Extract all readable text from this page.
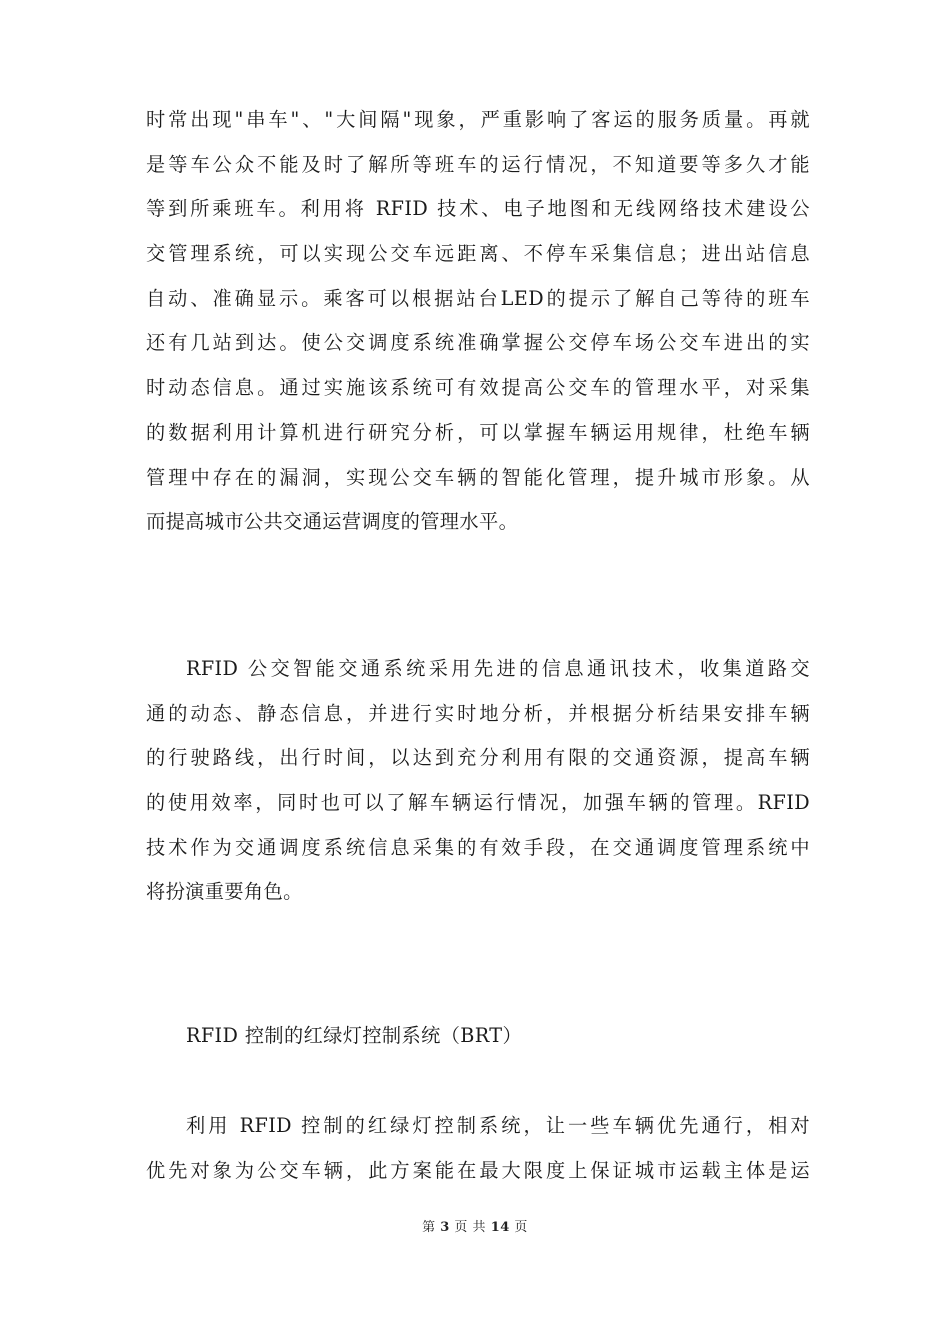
时常出现"串车"、"大间隔"现象，严重影响了客运的服务质量。再就
是等车公众不能及时了解所等班车的运行情况，不知道要等多久才能
等到所乘班车。利用将 RFID 技术、电子地图和无线网络技术建设公
交管理系统，可以实现公交车远距离、不停车采集信息；进出站信息
自动、准确显示。乘客可以根据站台LED的提示了解自己等待的班车
还有几站到达。使公交调度系统准确掌握公交停车场公交车进出的实
时动态信息。通过实施该系统可有效提高公交车的管理水平，对采集
的数据利用计算机进行研究分析，可以掌握车辆运用规律，杜绝车辆
管理中存在的漏洞，实现公交车辆的智能化管理，提升城市形象。从
而提高城市公共交通运营调度的管理水平。
RFID 公交智能交通系统采用先进的信息通讯技术，收集道路交
通的动态、静态信息，并进行实时地分析，并根据分析结果安排车辆
的行驶路线，出行时间，以达到充分利用有限的交通资源，提高车辆
的使用效率，同时也可以了解车辆运行情况，加强车辆的管理。RFID
技术作为交通调度系统信息采集的有效手段，在交通调度管理系统中
将扮演重要角色。

RFID 控制的红绿灯控制系统（BRT）

利用 RFID 控制的红绿灯控制系统，让一些车辆优先通行，相对
优先对象为公交车辆，此方案能在最大限度上保证城市运载主体是运
第 3 页 共 14 页
